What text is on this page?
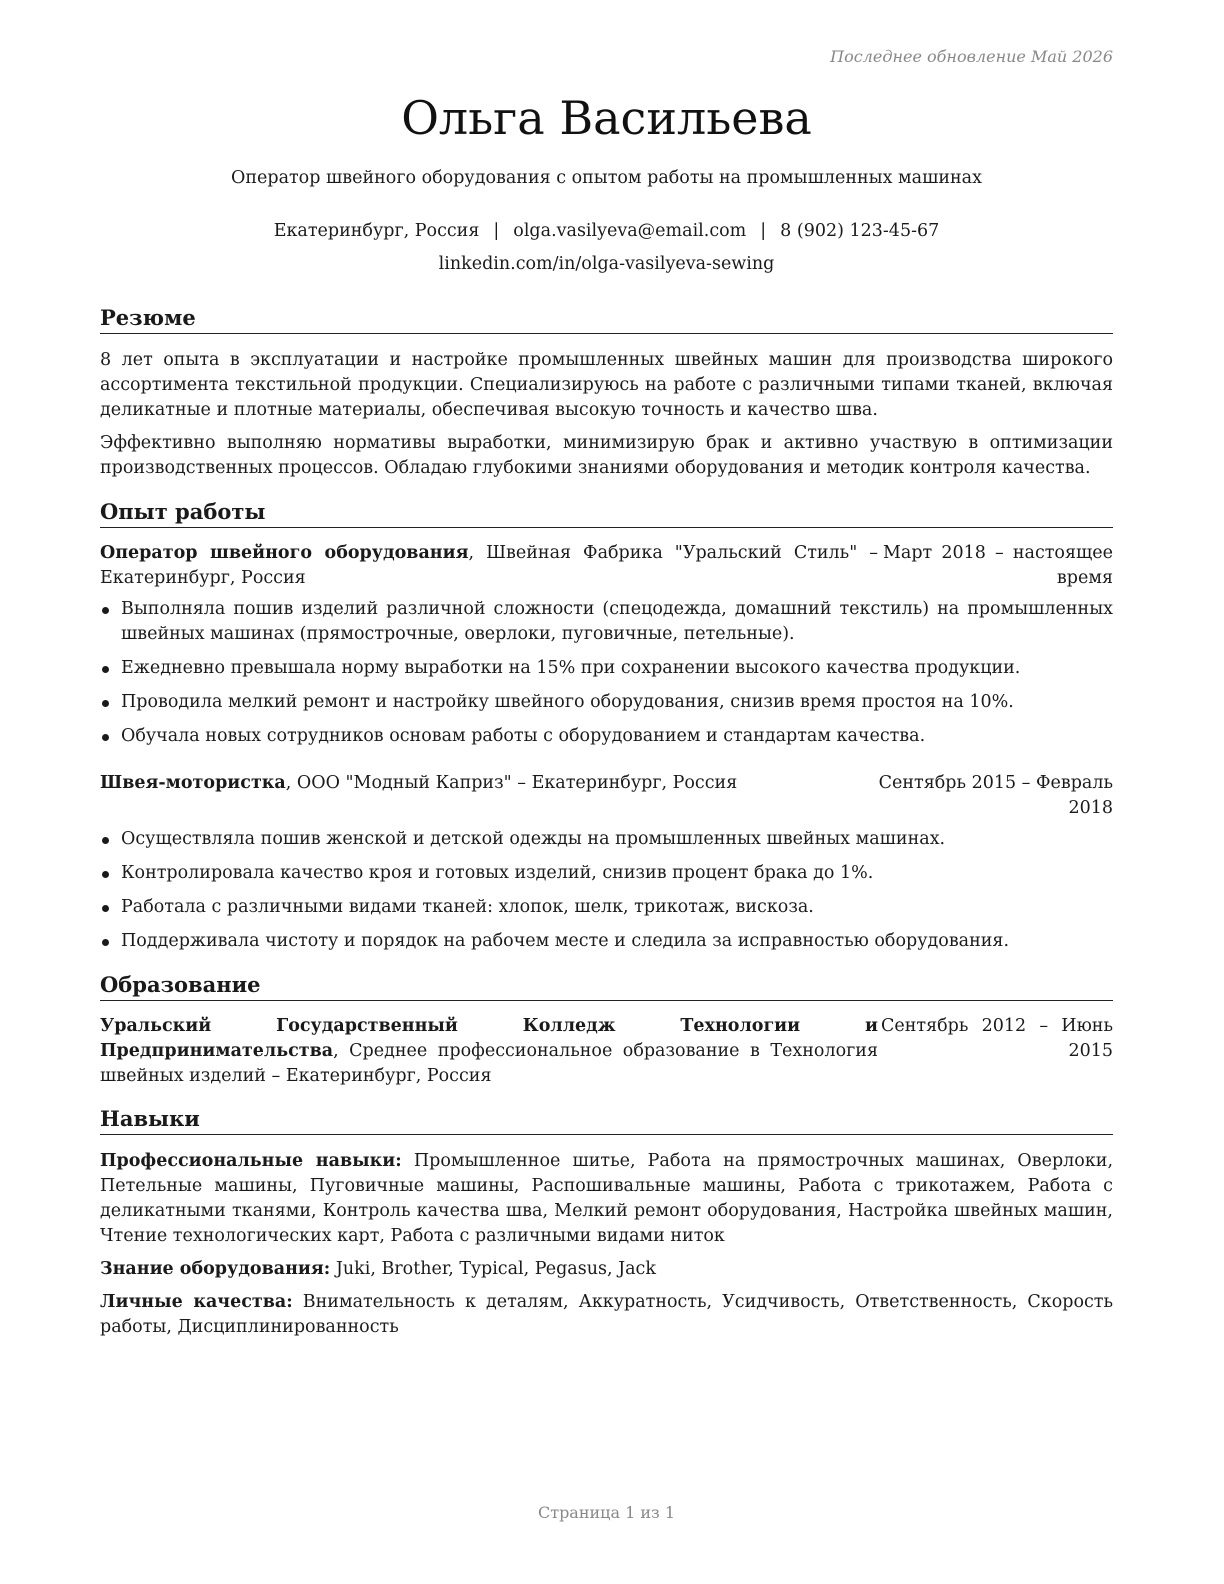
Последнее обновление Май 2026
Ольга Васильева
Оператор швейного оборудования с опытом работы на промышленных машинах
Екатеринбург, Россия | olga.vasilyeva@email.com | 8 (902) 123-45-67
linkedin.com/in/olga-vasilyeva-sewing
Резюме

8 лет опыта в эксплуатации и настройке промышленных швейных машин для производства широкого ассортимента текстильной продукции. Специализируюсь на работе с различными типами тканей, включая деликатные и плотные материалы, обеспечивая высокую точность и качество шва.

Эффективно выполняю нормативы выработки, минимизирую брак и активно участвую в оптимизации производственных процессов. Обладаю глубокими знаниями оборудования и методик контроля качества.

Опыт работы
Оператор швейного оборудования, Швейная Фабрика "Уральский Стиль" – Екатеринбург, Россия
Март 2018 – настоящее время
Выполняла пошив изделий различной сложности (спецодежда, домашний текстиль) на промышленных швейных машинах (прямострочные, оверлоки, пуговичные, петельные).
Ежедневно превышала норму выработки на 15% при сохранении высокого качества продукции.
Проводила мелкий ремонт и настройку швейного оборудования, снизив время простоя на 10%.
Обучала новых сотрудников основам работы с оборудованием и стандартам качества.
Швея-мотористка, ООО "Модный Каприз" – Екатеринбург, Россия	Сентябрь 2015 – Февраль 2018
Осуществляла пошив женской и детской одежды на промышленных швейных машинах.
Контролировала качество кроя и готовых изделий, снизив процент брака до 1%.
Работала с различными видами тканей: хлопок, шелк, трикотаж, вискоза.
Поддерживала чистоту и порядок на рабочем месте и следила за исправностью оборудования.
Образование
Уральский Государственный Колледж Технологии и Предпринимательства, Среднее профессиональное образование в Технология швейных изделий – Екатеринбург, Россия
Сентябрь 2012 – Июнь 2015
Навыки

Профессиональные навыки: Промышленное шитье, Работа на прямострочных машинах, Оверлоки, Петельные машины, Пуговичные машины, Распошивальные машины, Работа с трикотажем, Работа с деликатными тканями, Контроль качества шва, Мелкий ремонт оборудования, Настройка швейных машин, Чтение технологических карт, Работа с различными видами ниток

Знание оборудования: Juki, Brother, Typical, Pegasus, Jack

Личные качества: Внимательность к деталям, Аккуратность, Усидчивость, Ответственность, Скорость работы, Дисциплинированность

Страница 1 из 1
